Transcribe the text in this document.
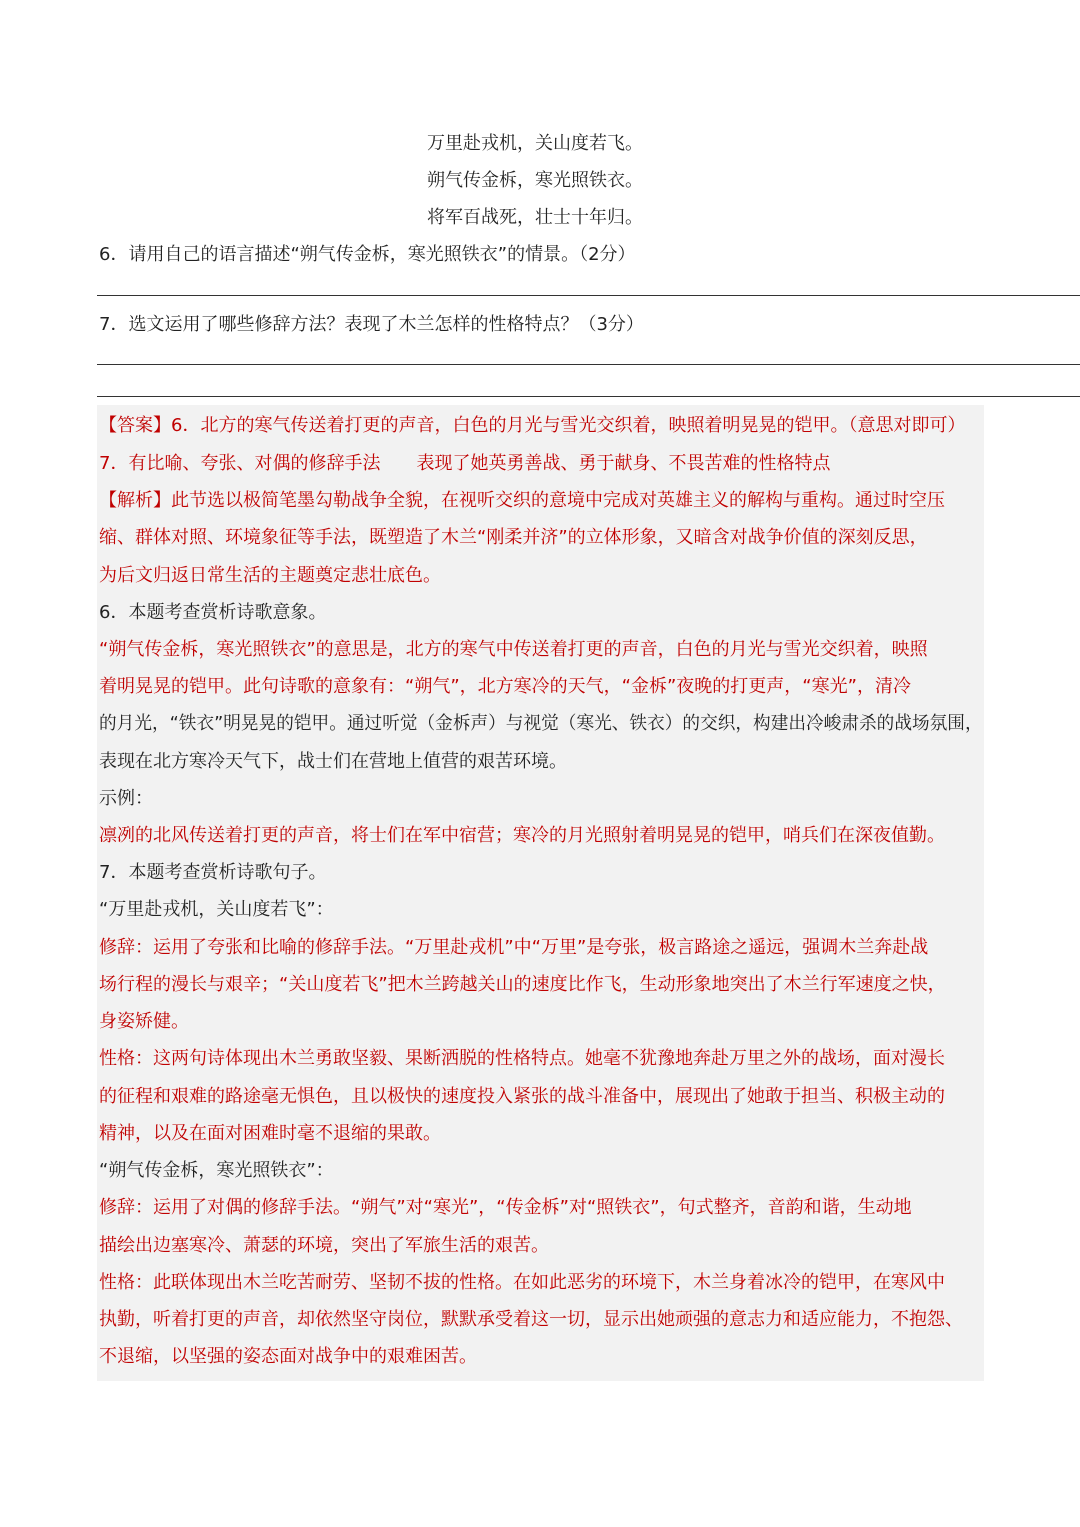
万里赴戎机，关山度若飞。
朔气传金柝，寒光照铁衣。
将军百战死，壮士十年归。
6．请用自己的语言描述“朔气传金柝，寒光照铁衣”的情景。（2分）
7．选文运用了哪些修辞方法？表现了木兰怎样的性格特点？（3分）
【答案】6．北方的寒气传送着打更的声音，白色的月光与雪光交织着，映照着明晃晃的铠甲。（意思对即可）
7．有比喻、夸张、对偶的修辞手法　　表现了她英勇善战、勇于献身、不畏苦难的性格特点
【解析】此节选以极简笔墨勾勒战争全貌，在视听交织的意境中完成对英雄主义的解构与重构。通过时空压
缩、群体对照、环境象征等手法，既塑造了木兰“刚柔并济”的立体形象，又暗含对战争价值的深刻反思，
为后文归返日常生活的主题奠定悲壮底色。
6．本题考查赏析诗歌意象。
“朔气传金柝，寒光照铁衣”的意思是，北方的寒气中传送着打更的声音，白色的月光与雪光交织着，映照
着明晃晃的铠甲。此句诗歌的意象有：“朔气”，北方寒冷的天气，“金柝”夜晚的打更声，“寒光”，清冷
的月光，“铁衣”明晃晃的铠甲。通过听觉（金柝声）与视觉（寒光、铁衣）的交织，构建出冷峻肃杀的战场氛围，
表现在北方寒冷天气下，战士们在营地上值营的艰苦环境。
示例：
凛冽的北风传送着打更的声音，将士们在军中宿营；寒冷的月光照射着明晃晃的铠甲，哨兵们在深夜值勤。
7．本题考查赏析诗歌句子。
“万里赴戎机，关山度若飞”：
修辞：运用了夸张和比喻的修辞手法。“万里赴戎机”中“万里”是夸张，极言路途之遥远，强调木兰奔赴战
场行程的漫长与艰辛；“关山度若飞”把木兰跨越关山的速度比作飞，生动形象地突出了木兰行军速度之快，
身姿矫健。
性格：这两句诗体现出木兰勇敢坚毅、果断洒脱的性格特点。她毫不犹豫地奔赴万里之外的战场，面对漫长
的征程和艰难的路途毫无惧色，且以极快的速度投入紧张的战斗准备中，展现出了她敢于担当、积极主动的
精神，以及在面对困难时毫不退缩的果敢。
“朔气传金柝，寒光照铁衣”：
修辞：运用了对偶的修辞手法。“朔气”对“寒光”，“传金柝”对“照铁衣”，句式整齐，音韵和谐，生动地
描绘出边塞寒冷、萧瑟的环境，突出了军旅生活的艰苦。
性格：此联体现出木兰吃苦耐劳、坚韧不拔的性格。在如此恶劣的环境下，木兰身着冰冷的铠甲，在寒风中
执勤，听着打更的声音，却依然坚守岗位，默默承受着这一切，显示出她顽强的意志力和适应能力，不抱怨、
不退缩，以坚强的姿态面对战争中的艰难困苦。
